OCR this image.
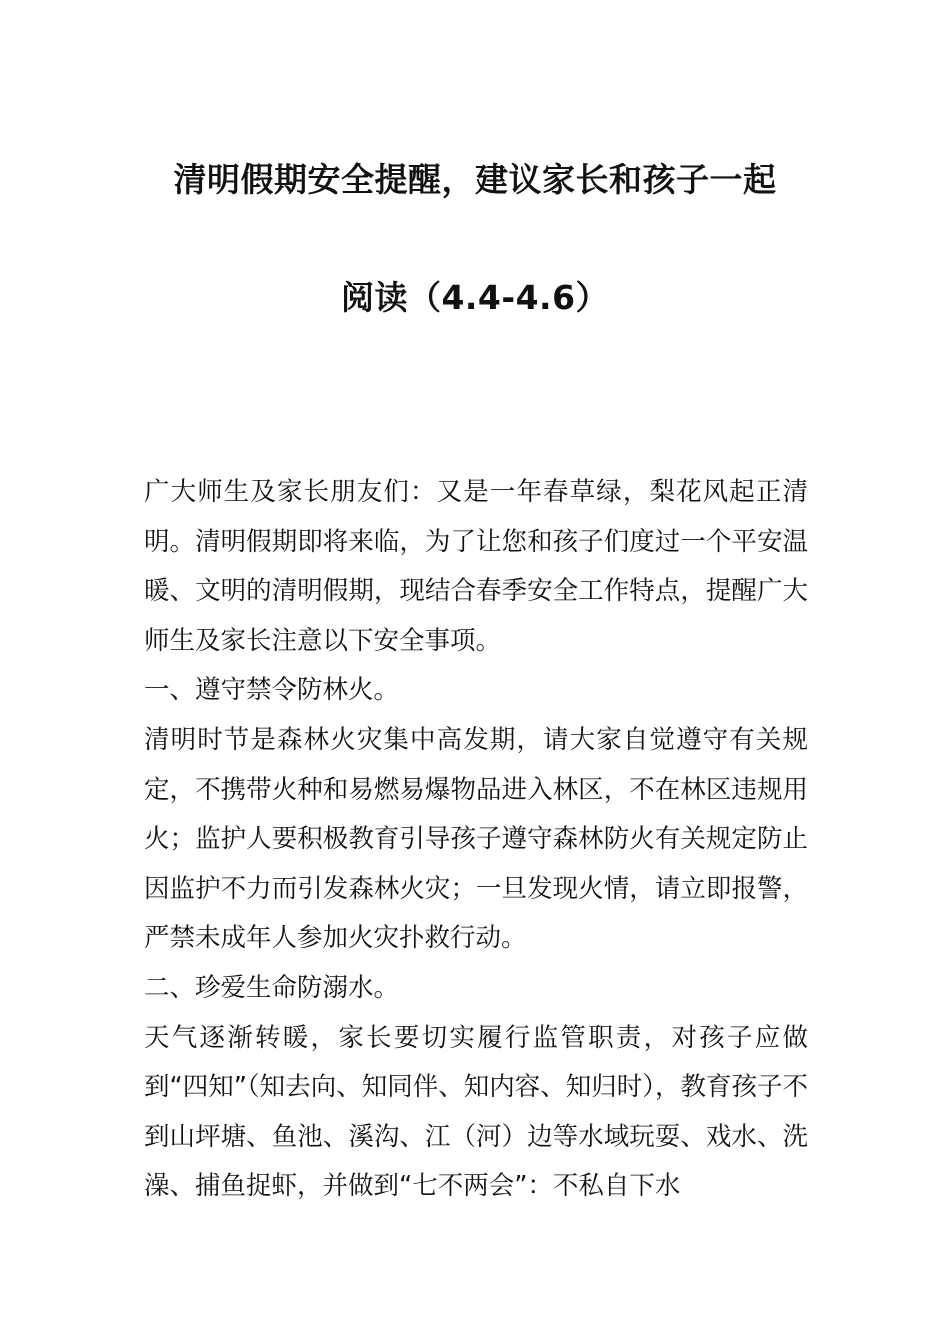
清明假期安全提醒，建议家长和孩子一起
阅读（4.4-4.6）

广大师生及家长朋友们：又是一年春草绿，梨花风起正清明。清明假期即将来临，为了让您和孩子们度过一个平安温暖、文明的清明假期，现结合春季安全工作特点，提醒广大师生及家长注意以下安全事项。

一、遵守禁令防林火。

清明时节是森林火灾集中高发期，请大家自觉遵守有关规定，不携带火种和易燃易爆物品进入林区，不在林区违规用火；监护人要积极教育引导孩子遵守森林防火有关规定防止因监护不力而引发森林火灾；一旦发现火情，请立即报警，严禁未成年人参加火灾扑救行动。

二、珍爱生命防溺水。

天气逐渐转暖，家长要切实履行监管职责，对孩子应做到“四知”（知去向、知同伴、知内容、知归时），教育孩子不到山坪塘、鱼池、溪沟、江（河）边等水域玩耍、戏水、洗澡、捕鱼捉虾，并做到“七不两会”：不私自下水
